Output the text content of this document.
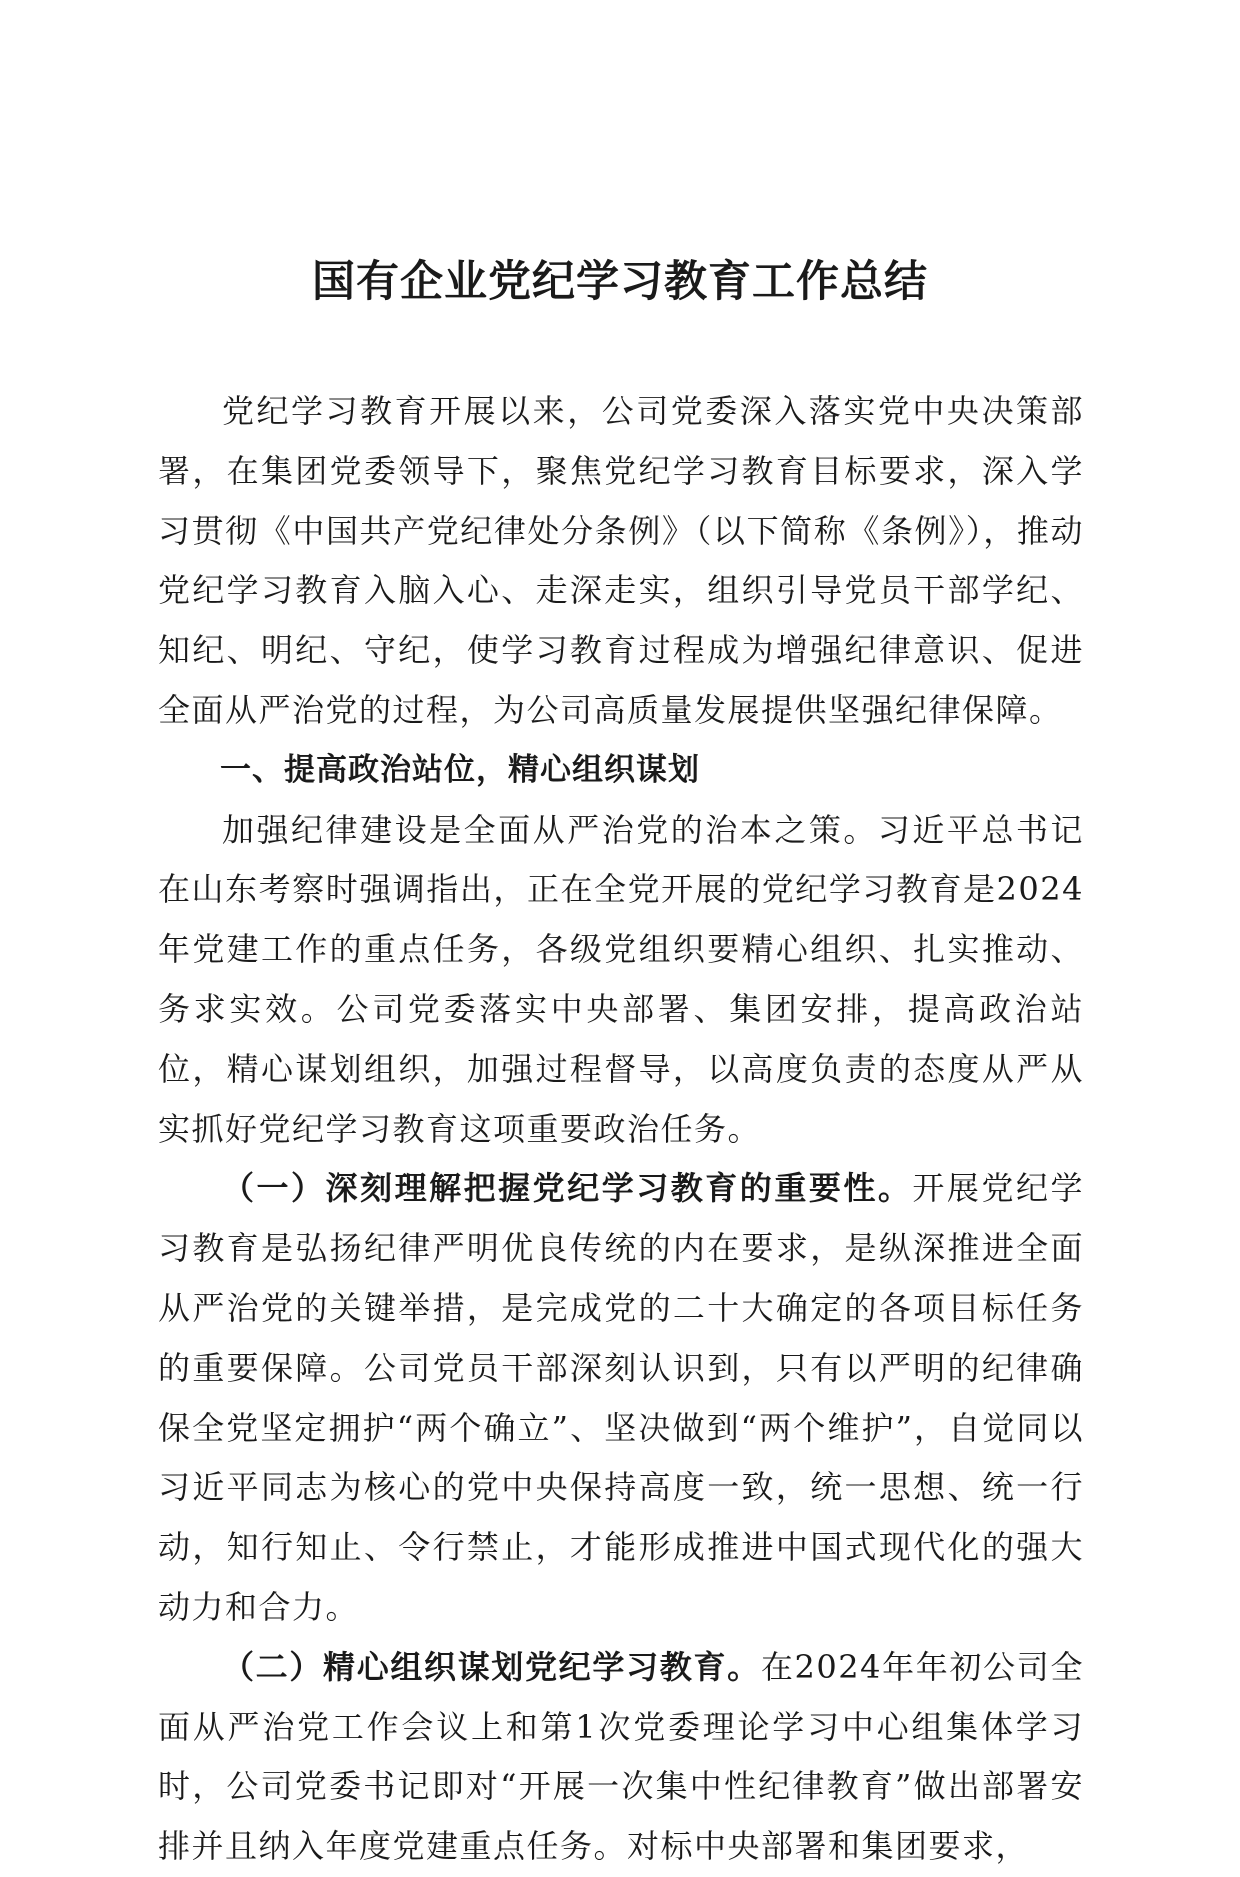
国有企业党纪学习教育工作总结

党纪学习教育开展以来，公司党委深入落实党中央决策部署，在集团党委领导下，聚焦党纪学习教育目标要求，深入学习贯彻《中国共产党纪律处分条例》（以下简称《条例》），推动党纪学习教育入脑入心、走深走实，组织引导党员干部学纪、知纪、明纪、守纪，使学习教育过程成为增强纪律意识、促进全面从严治党的过程，为公司高质量发展提供坚强纪律保障。

一、提高政治站位，精心组织谋划

加强纪律建设是全面从严治党的治本之策。习近平总书记在山东考察时强调指出，正在全党开展的党纪学习教育是2024年党建工作的重点任务，各级党组织要精心组织、扎实推动、务求实效。公司党委落实中央部署、集团安排，提高政治站位，精心谋划组织，加强过程督导，以高度负责的态度从严从实抓好党纪学习教育这项重要政治任务。

（一）深刻理解把握党纪学习教育的重要性。开展党纪学习教育是弘扬纪律严明优良传统的内在要求，是纵深推进全面从严治党的关键举措，是完成党的二十大确定的各项目标任务的重要保障。公司党员干部深刻认识到，只有以严明的纪律确保全党坚定拥护“两个确立”、坚决做到“两个维护”，自觉同以习近平同志为核心的党中央保持高度一致，统一思想、统一行动，知行知止、令行禁止，才能形成推进中国式现代化的强大动力和合力。

（二）精心组织谋划党纪学习教育。在2024年年初公司全面从严治党工作会议上和第1次党委理论学习中心组集体学习时，公司党委书记即对“开展一次集中性纪律教育”做出部署安排并且纳入年度党建重点任务。对标中央部署和集团要求，
